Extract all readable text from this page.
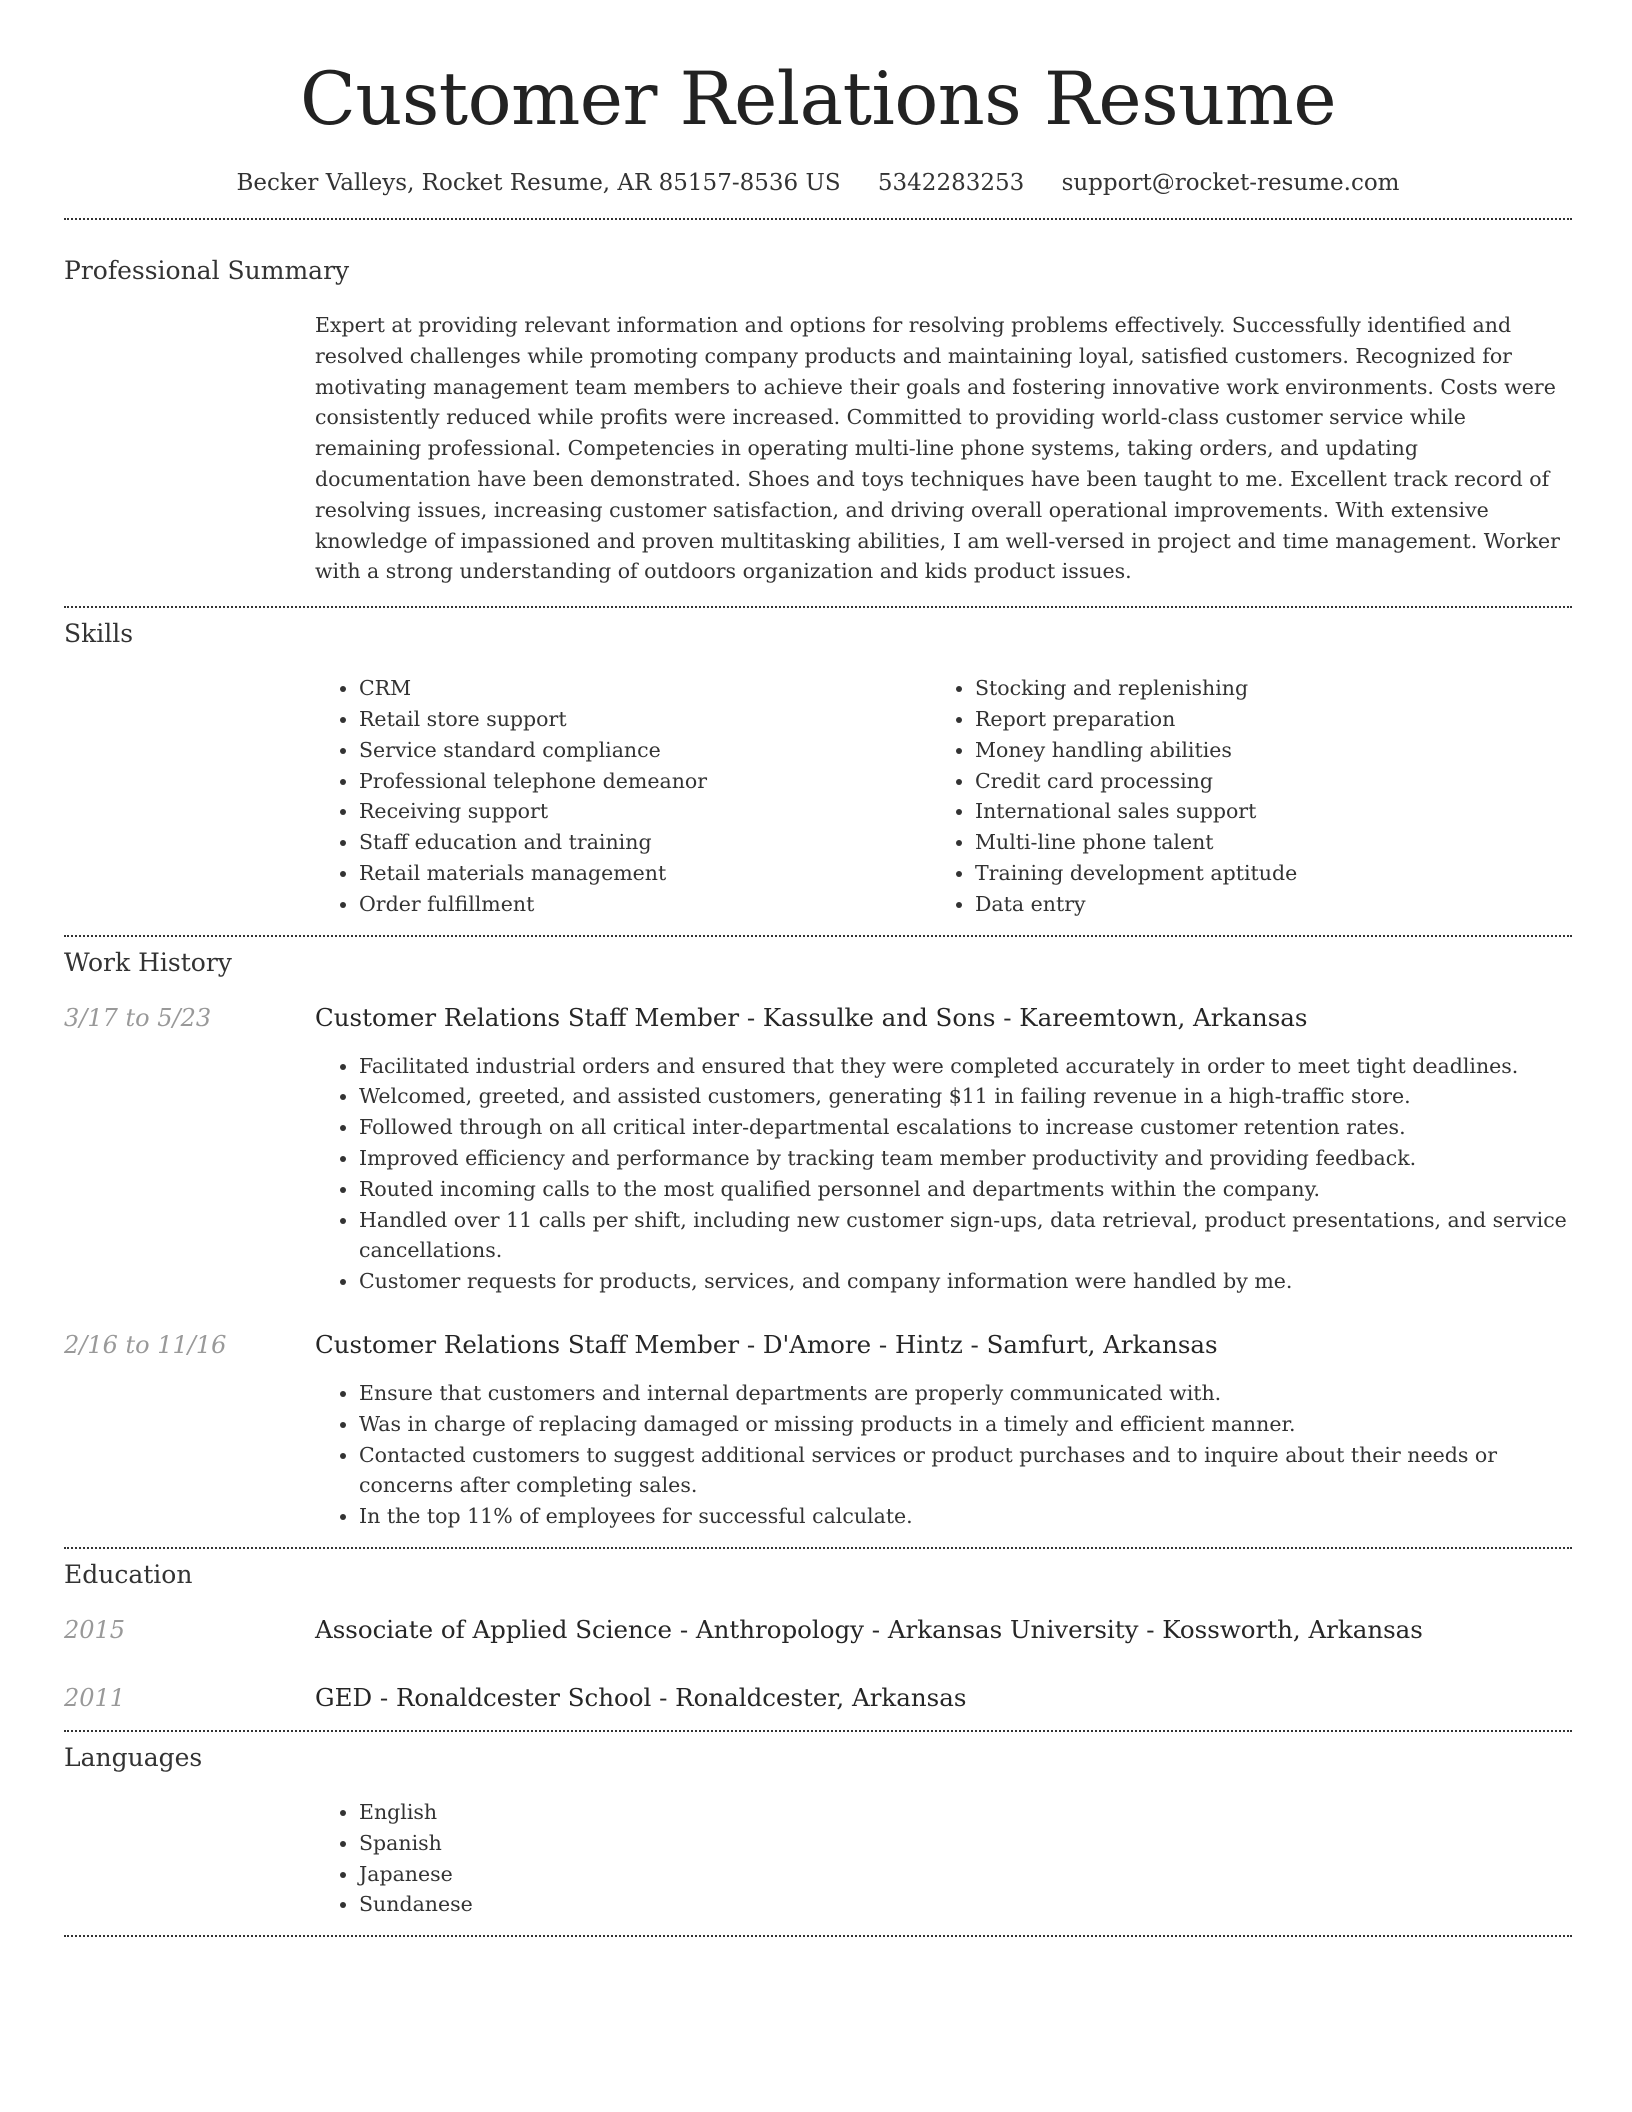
Customer Relations Resume
Becker Valleys, Rocket Resume, AR 85157-8536 US 5342283253 support@rocket-resume.com
Professional Summary

Expert at providing relevant information and options for resolving problems effectively. Successfully identified and resolved challenges while promoting company products and maintaining loyal, satisfied customers. Recognized for motivating management team members to achieve their goals and fostering innovative work environments. Costs were consistently reduced while profits were increased. Committed to providing world-class customer service while remaining professional. Competencies in operating multi-line phone systems, taking orders, and updating documentation have been demonstrated. Shoes and toys techniques have been taught to me. Excellent track record of resolving issues, increasing customer satisfaction, and driving overall operational improvements. With extensive knowledge of impassioned and proven multitasking abilities, I am well-versed in project and time management. Worker with a strong understanding of outdoors organization and kids product issues.

Skills
• CRM
• Retail store support
• Service standard compliance
• Professional telephone demeanor
• Receiving support
• Staff education and training
• Retail materials management
• Order fulfillment
• Stocking and replenishing
• Report preparation
• Money handling abilities
• Credit card processing
• International sales support
• Multi-line phone talent
• Training development aptitude
• Data entry
Work History
3/17 to 5/23	Customer Relations Staff Member - Kassulke and Sons - Kareemtown, Arkansas
• Facilitated industrial orders and ensured that they were completed accurately in order to meet tight deadlines.
• Welcomed, greeted, and assisted customers, generating $11 in failing revenue in a high-traffic store.
• Followed through on all critical inter-departmental escalations to increase customer retention rates.
• Improved efficiency and performance by tracking team member productivity and providing feedback.
• Routed incoming calls to the most qualified personnel and departments within the company.
• Handled over 11 calls per shift, including new customer sign-ups, data retrieval, product presentations, and service cancellations.
• Customer requests for products, services, and company information were handled by me.
2/16 to 11/16	Customer Relations Staff Member - D'Amore - Hintz - Samfurt, Arkansas
• Ensure that customers and internal departments are properly communicated with.
• Was in charge of replacing damaged or missing products in a timely and efficient manner.
• Contacted customers to suggest additional services or product purchases and to inquire about their needs or concerns after completing sales.
• In the top 11% of employees for successful calculate.
Education
2015	Associate of Applied Science - Anthropology - Arkansas University - Kossworth, Arkansas
2011	GED - Ronaldcester School - Ronaldcester, Arkansas
Languages
• English
• Spanish
• Japanese
• Sundanese
